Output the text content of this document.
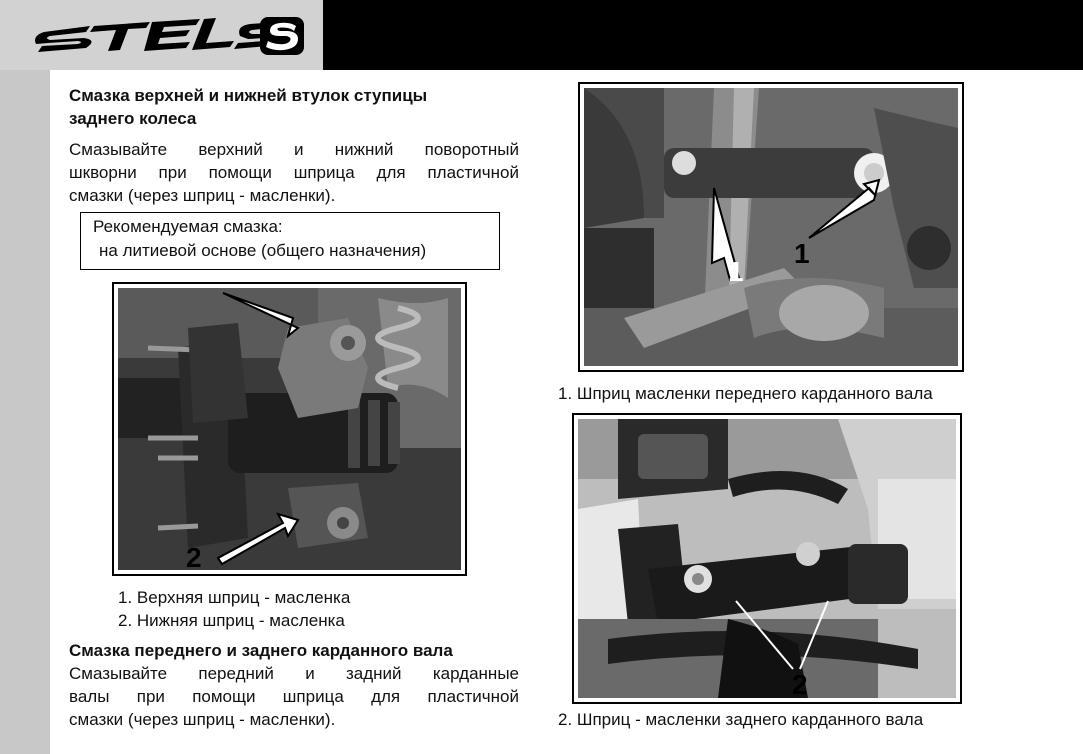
Смазка верхней и нижней втулок ступицы
заднего колеса
Смазывайте верхний и нижний поворотный
шкворни при помощи шприца для пластичной
смазки (через шприц - масленки).
Рекомендуемая смазка:
на литиевой основе (общего назначения)
2
1. Верхняя шприц - масленка
2. Нижняя шприц - масленка
Смазка переднего и заднего карданного вала
Смазывайте передний и задний карданные
валы при помощи шприца для пластичной
смазки (через шприц - масленки).
1
1
1. Шприц масленки переднего карданного вала
2
2. Шприц - масленки заднего карданного вала
